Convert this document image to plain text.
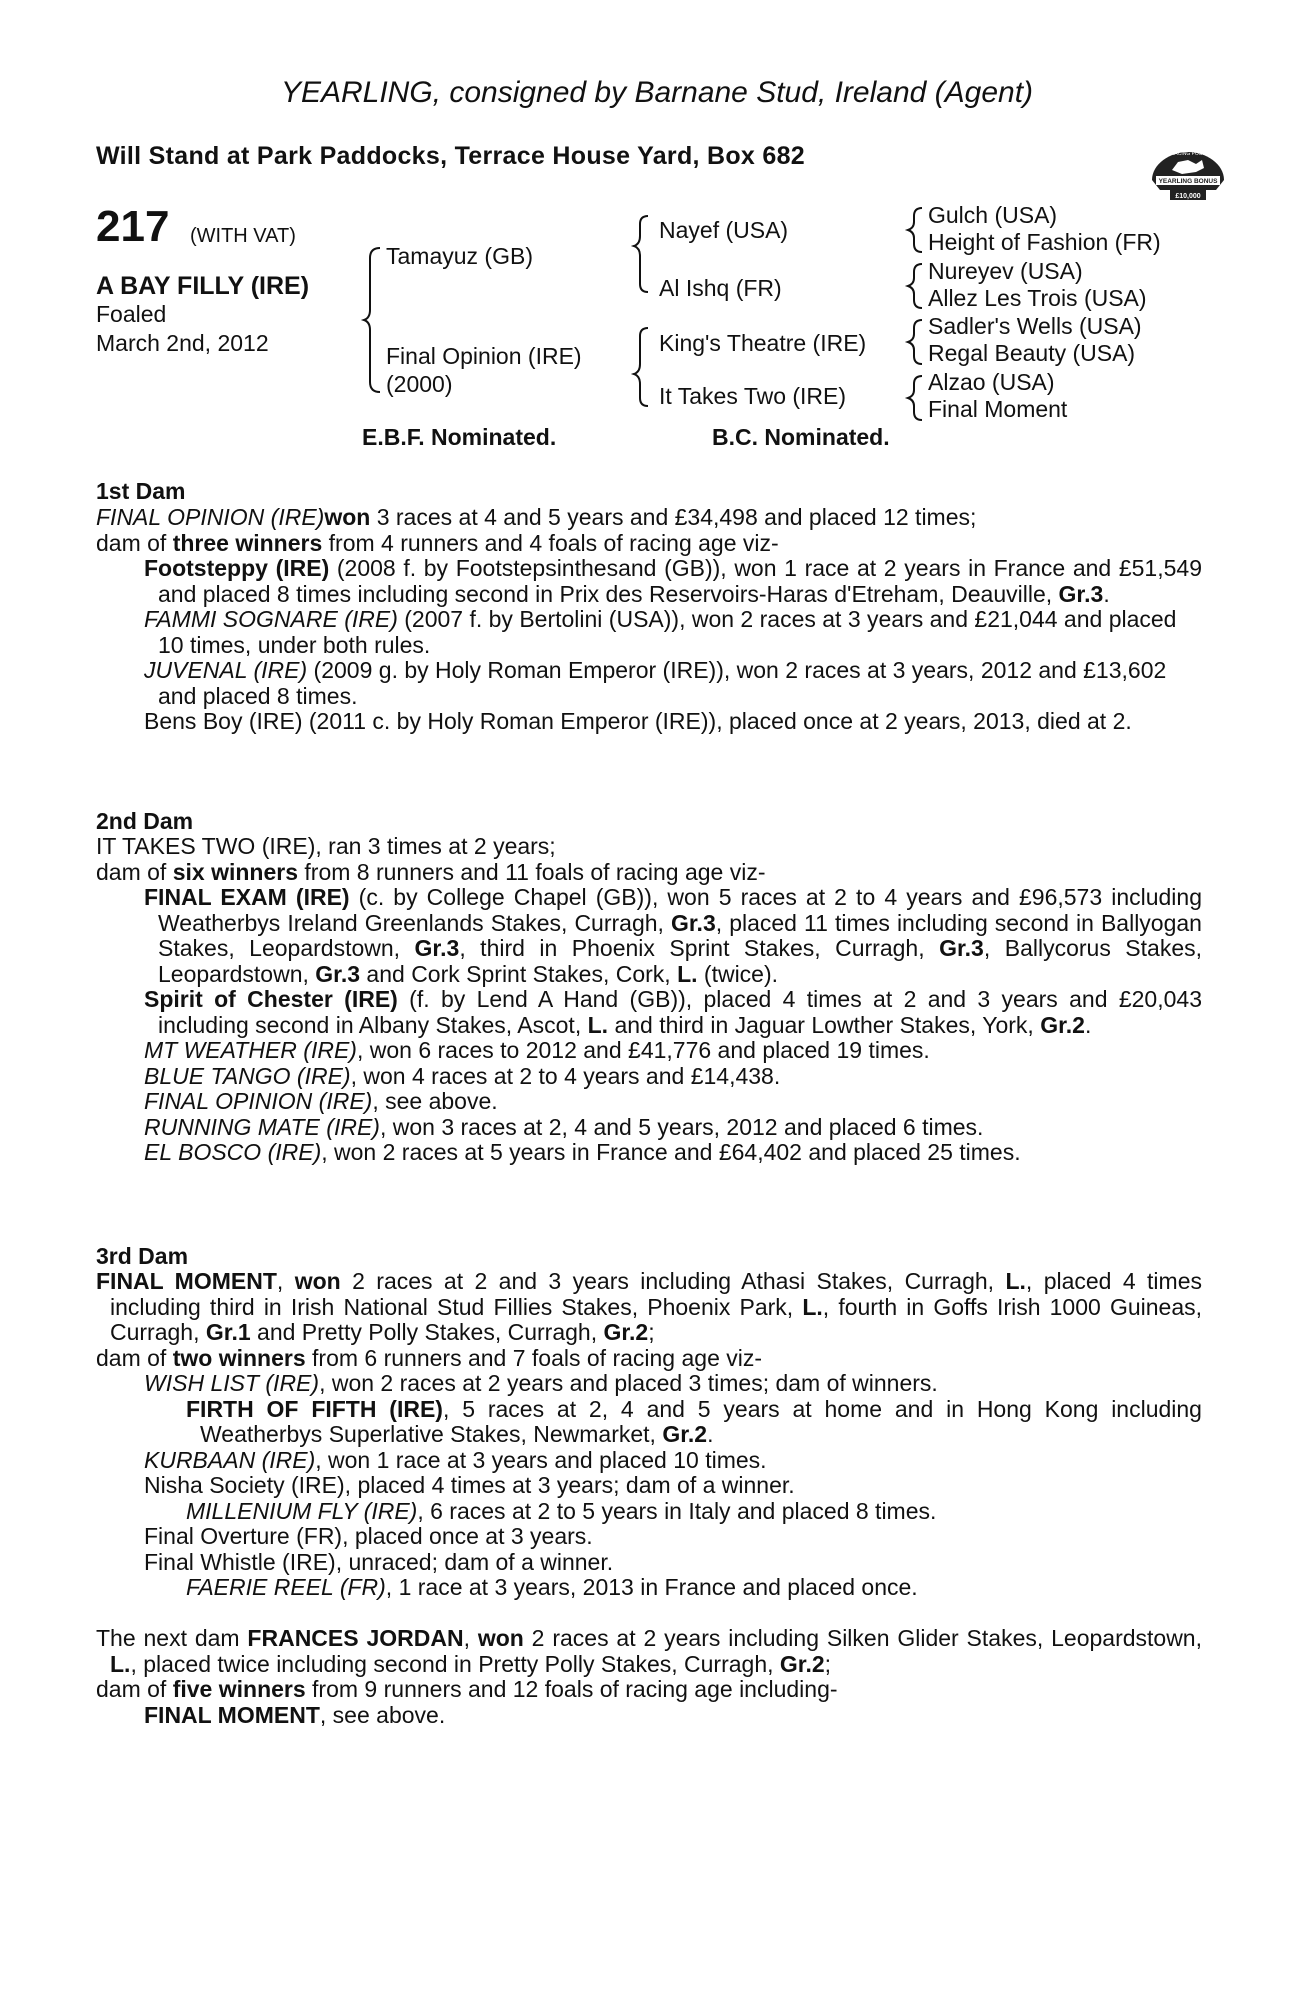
YEARLING, consigned by Barnane Stud, Ireland (Agent)
Will Stand at Park Paddocks, Terrace House Yard, Box 682	RACING POST
YEARLING BONUS
£10,000
217 (WITH VAT)
A BAY FILLY (IRE)
Foaled
March 2nd, 2012
Tamayuz (GB)
Final Opinion (IRE)
(2000)
Nayef (USA)
Al Ishq (FR)
King's Theatre (IRE)
It Takes Two (IRE)
Gulch (USA)
Height of Fashion (FR)
Nureyev (USA)
Allez Les Trois (USA)
Sadler's Wells (USA)
Regal Beauty (USA)
Alzao (USA)
Final Moment
E.B.F. Nominated.	B.C. Nominated.
1st Dam
FINAL OPINION (IRE)won 3 races at 4 and 5 years and £34,498 and placed 12 times;
dam of three winners from 4 runners and 4 foals of racing age viz-
Footsteppy (IRE) (2008 f. by Footstepsinthesand (GB)), won 1 race at 2 years in France and £51,549 and placed 8 times including second in Prix des Reservoirs-Haras d'Etreham, Deauville, Gr.3.
FAMMI SOGNARE (IRE) (2007 f. by Bertolini (USA)), won 2 races at 3 years and £21,044 and placed 10 times, under both rules.
JUVENAL (IRE) (2009 g. by Holy Roman Emperor (IRE)), won 2 races at 3 years, 2012 and £13,602 and placed 8 times.
Bens Boy (IRE) (2011 c. by Holy Roman Emperor (IRE)), placed once at 2 years, 2013, died at 2.
2nd Dam
IT TAKES TWO (IRE), ran 3 times at 2 years;
dam of six winners from 8 runners and 11 foals of racing age viz-
FINAL EXAM (IRE) (c. by College Chapel (GB)), won 5 races at 2 to 4 years and £96,573 including Weatherbys Ireland Greenlands Stakes, Curragh, Gr.3, placed 11 times including second in Ballyogan Stakes, Leopardstown, Gr.3, third in Phoenix Sprint Stakes, Curragh, Gr.3, Ballycorus Stakes, Leopardstown, Gr.3 and Cork Sprint Stakes, Cork, L. (twice).
Spirit of Chester (IRE) (f. by Lend A Hand (GB)), placed 4 times at 2 and 3 years and £20,043 including second in Albany Stakes, Ascot, L. and third in Jaguar Lowther Stakes, York, Gr.2.
MT WEATHER (IRE), won 6 races to 2012 and £41,776 and placed 19 times.
BLUE TANGO (IRE), won 4 races at 2 to 4 years and £14,438.
FINAL OPINION (IRE), see above.
RUNNING MATE (IRE), won 3 races at 2, 4 and 5 years, 2012 and placed 6 times.
EL BOSCO (IRE), won 2 races at 5 years in France and £64,402 and placed 25 times.
3rd Dam
FINAL MOMENT, won 2 races at 2 and 3 years including Athasi Stakes, Curragh, L., placed 4 times including third in Irish National Stud Fillies Stakes, Phoenix Park, L., fourth in Goffs Irish 1000 Guineas, Curragh, Gr.1 and Pretty Polly Stakes, Curragh, Gr.2;
dam of two winners from 6 runners and 7 foals of racing age viz-
WISH LIST (IRE), won 2 races at 2 years and placed 3 times; dam of winners.
FIRTH OF FIFTH (IRE), 5 races at 2, 4 and 5 years at home and in Hong Kong including Weatherbys Superlative Stakes, Newmarket, Gr.2.
KURBAAN (IRE), won 1 race at 3 years and placed 10 times.
Nisha Society (IRE), placed 4 times at 3 years; dam of a winner.
MILLENIUM FLY (IRE), 6 races at 2 to 5 years in Italy and placed 8 times.
Final Overture (FR), placed once at 3 years.
Final Whistle (IRE), unraced; dam of a winner.
FAERIE REEL (FR), 1 race at 3 years, 2013 in France and placed once.
The next dam FRANCES JORDAN, won 2 races at 2 years including Silken Glider Stakes, Leopardstown, L., placed twice including second in Pretty Polly Stakes, Curragh, Gr.2;
dam of five winners from 9 runners and 12 foals of racing age including-
FINAL MOMENT, see above.
